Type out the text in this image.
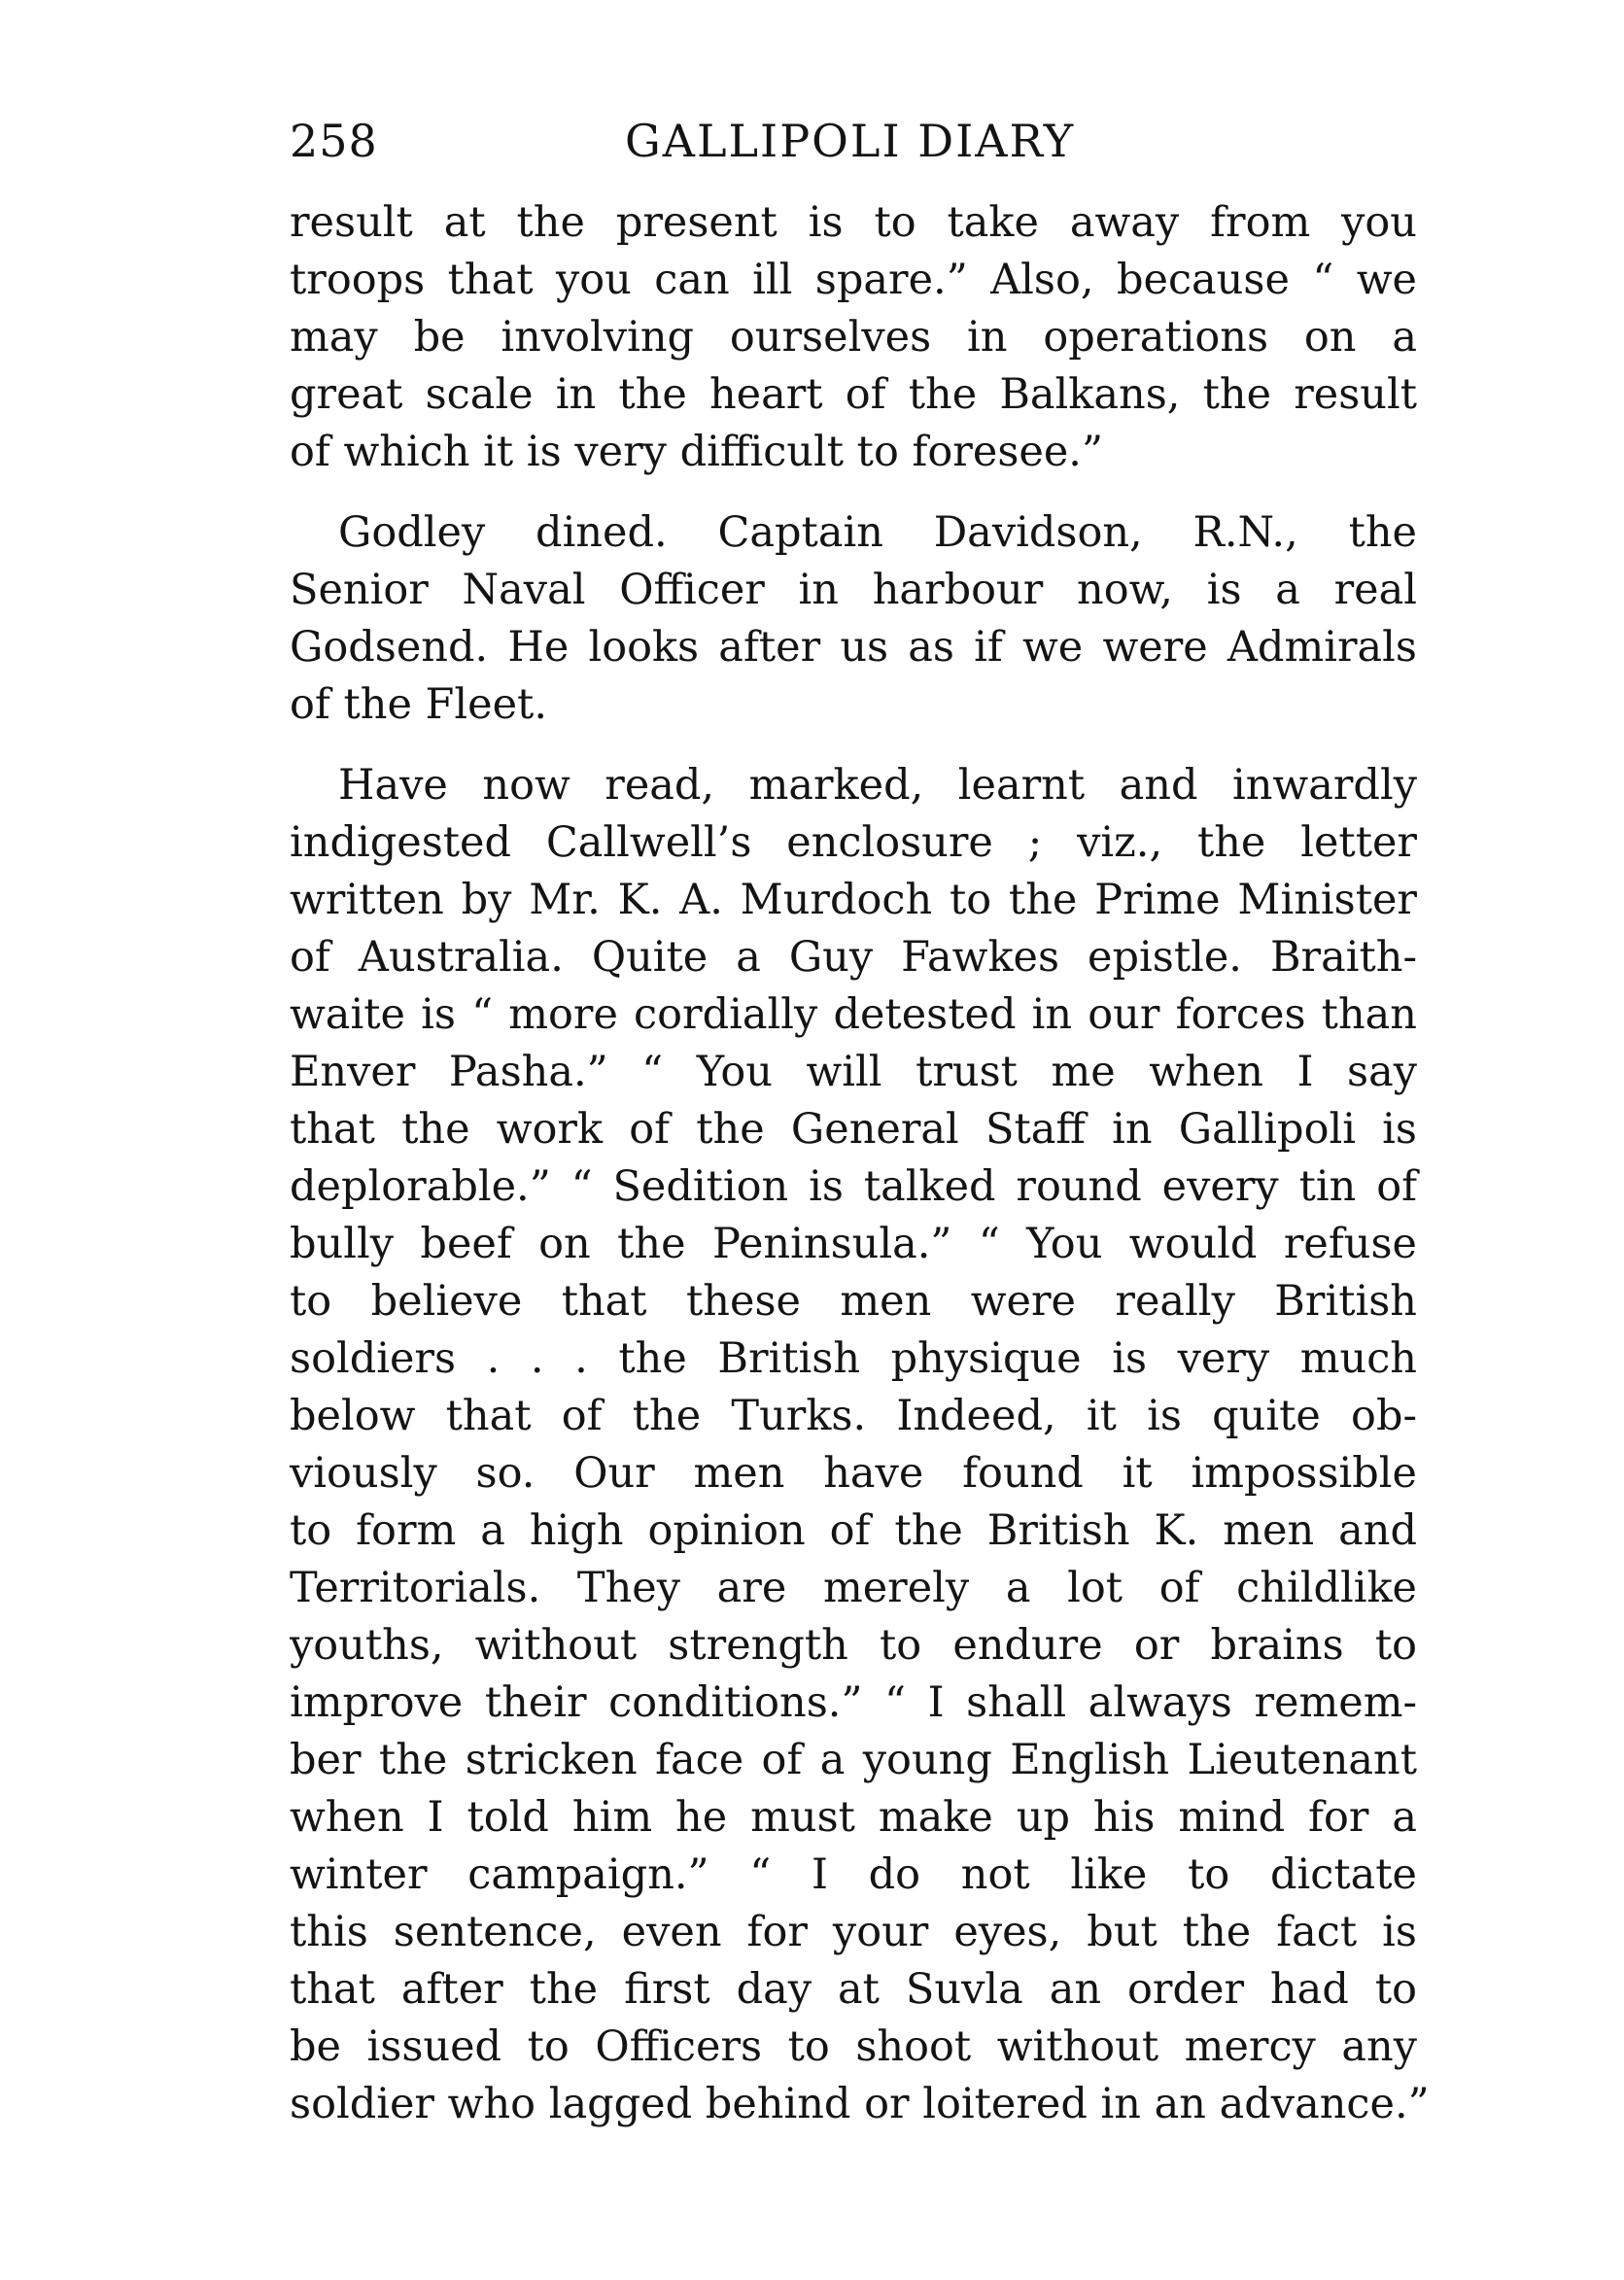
258	GALLIPOLI DIARY
result at the present is to take away from you
troops that you can ill spare.” Also, because “ we
may be involving ourselves in operations on a
great scale in the heart of the Balkans, the result
of which it is very difficult to foresee.”
Godley dined. Captain Davidson, R.N., the
Senior Naval Officer in harbour now, is a real
Godsend. He looks after us as if we were Admirals
of the Fleet.
Have now read, marked, learnt and inwardly
indigested Callwell’s enclosure ; viz., the letter
written by Mr. K. A. Murdoch to the Prime Minister
of Australia. Quite a Guy Fawkes epistle. Braith-
waite is “ more cordially detested in our forces than
Enver Pasha.” “ You will trust me when I say
that the work of the General Staff in Gallipoli is
deplorable.” “ Sedition is talked round every tin of
bully beef on the Peninsula.” “ You would refuse
to believe that these men were really British
soldiers . . . the British physique is very much
below that of the Turks. Indeed, it is quite ob-
viously so. Our men have found it impossible
to form a high opinion of the British K. men and
Territorials. They are merely a lot of childlike
youths, without strength to endure or brains to
improve their conditions.” “ I shall always remem-
ber the stricken face of a young English Lieutenant
when I told him he must make up his mind for a
winter campaign.” “ I do not like to dictate
this sentence, even for your eyes, but the fact is
that after the first day at Suvla an order had to
be issued to Officers to shoot without mercy any
soldier who lagged behind or loitered in an advance.”
